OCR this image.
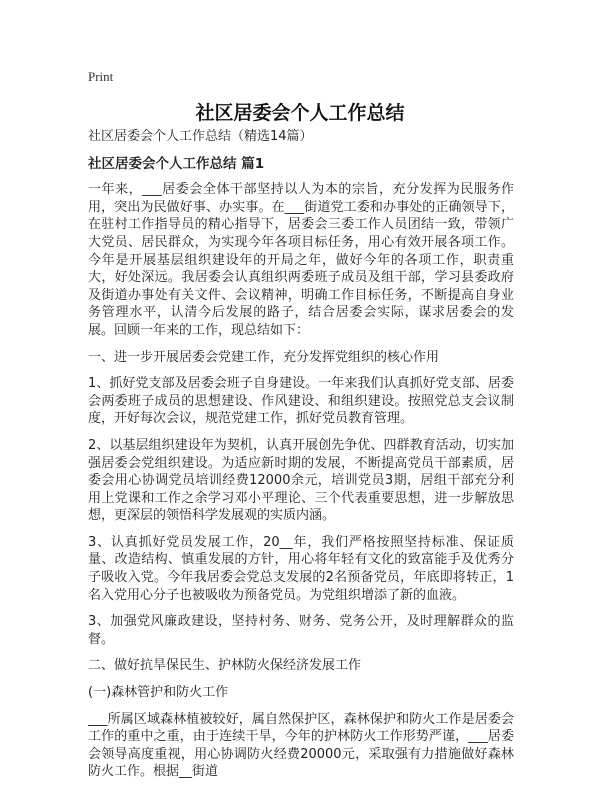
Print
社区居委会个人工作总结

社区居委会个人工作总结（精选14篇）

社区居委会个人工作总结 篇1

一年来，___居委会全体干部坚持以人为本的宗旨，充分发挥为民服务作用，突出为民做好事、办实事。在___街道党工委和办事处的正确领导下，在驻村工作指导员的精心指导下，居委会三委工作人员团结一致，带领广大党员、居民群众，为实现今年各项目标任务，用心有效开展各项工作。今年是开展基层组织建设年的开局之年，做好今年的各项工作，职责重大，好处深远。我居委会认真组织两委班子成员及组干部，学习县委政府及街道办事处有关文件、会议精神，明确工作目标任务，不断提高自身业务管理水平，认清今后发展的路子，结合居委会实际，谋求居委会的发展。回顾一年来的工作，现总结如下：

一、进一步开展居委会党建工作，充分发挥党组织的核心作用

1、抓好党支部及居委会班子自身建设。一年来我们认真抓好党支部、居委会两委班子成员的思想建设、作风建设、和组织建设。按照党总支会议制度，开好每次会议，规范党建工作，抓好党员教育管理。

2、以基层组织建设年为契机，认真开展创先争优、四群教育活动，切实加强居委会党组织建设。为适应新时期的发展，不断提高党员干部素质，居委会用心协调党员培训经费12000余元，培训党员3期，居组干部充分利用上党课和工作之余学习邓小平理论、三个代表重要思想，进一步解放思想，更深层的领悟科学发展观的实质内涵。

3、认真抓好党员发展工作，20__年，我们严格按照坚持标准、保证质量、改造结构、慎重发展的方针，用心将年轻有文化的致富能手及优秀分子吸收入党。今年我居委会党总支发展的2名预备党员，年底即将转正，1名入党用心分子也被吸收为预备党员。为党组织增添了新的血液。

3、加强党风廉政建设，坚持村务、财务、党务公开，及时理解群众的监督。

二、做好抗旱保民生、护林防火保经济发展工作

(一)森林管护和防火工作

___所属区域森林植被较好，属自然保护区，森林保护和防火工作是居委会工作的重中之重，由于连续干旱，今年的护林防火工作形势严谨，___居委会领导高度重视，用心协调防火经费20000元，采取强有力措施做好森林防火工作。根据__街道
